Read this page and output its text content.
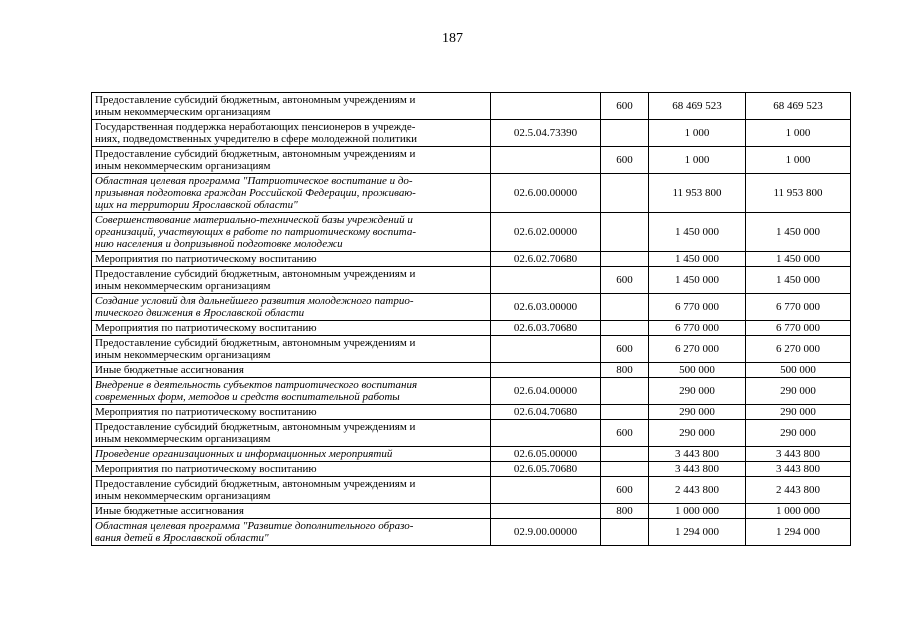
187
Предоставление субсидий бюджетным, автономным учреждениям и
иным некоммерческим организациям		600	68 469 523	68 469 523
Государственная поддержка неработающих пенсионеров в учрежде-
ниях, подведомственных учредителю в сфере молодежной политики	02.5.04.73390		1 000	1 000
Предоставление субсидий бюджетным, автономным учреждениям и
иным некоммерческим организациям		600	1 000	1 000
Областная целевая программа "Патриотическое воспитание и до-
призывная подготовка граждан Российской Федерации, проживаю-
щих на территории Ярославской области"	02.6.00.00000		11 953 800	11 953 800
Совершенствование материально-технической базы учреждений и
организаций, участвующих в работе по патриотическому воспита-
нию населения и допризывной подготовке молодежи	02.6.02.00000		1 450 000	1 450 000
Мероприятия по патриотическому воспитанию	02.6.02.70680		1 450 000	1 450 000
Предоставление субсидий бюджетным, автономным учреждениям и
иным некоммерческим организациям		600	1 450 000	1 450 000
Создание условий для дальнейшего развития молодежного патрио-
тического движения в Ярославской области	02.6.03.00000		6 770 000	6 770 000
Мероприятия по патриотическому воспитанию	02.6.03.70680		6 770 000	6 770 000
Предоставление субсидий бюджетным, автономным учреждениям и
иным некоммерческим организациям		600	6 270 000	6 270 000
Иные бюджетные ассигнования		800	500 000	500 000
Внедрение в деятельность субъектов патриотического воспитания
современных форм, методов и средств воспитательной работы	02.6.04.00000		290 000	290 000
Мероприятия по патриотическому воспитанию	02.6.04.70680		290 000	290 000
Предоставление субсидий бюджетным, автономным учреждениям и
иным некоммерческим организациям		600	290 000	290 000
Проведение организационных и информационных мероприятий	02.6.05.00000		3 443 800	3 443 800
Мероприятия по патриотическому воспитанию	02.6.05.70680		3 443 800	3 443 800
Предоставление субсидий бюджетным, автономным учреждениям и
иным некоммерческим организациям		600	2 443 800	2 443 800
Иные бюджетные ассигнования		800	1 000 000	1 000 000
Областная целевая программа "Развитие дополнительного образо-
вания детей в Ярославской области"	02.9.00.00000		1 294 000	1 294 000
